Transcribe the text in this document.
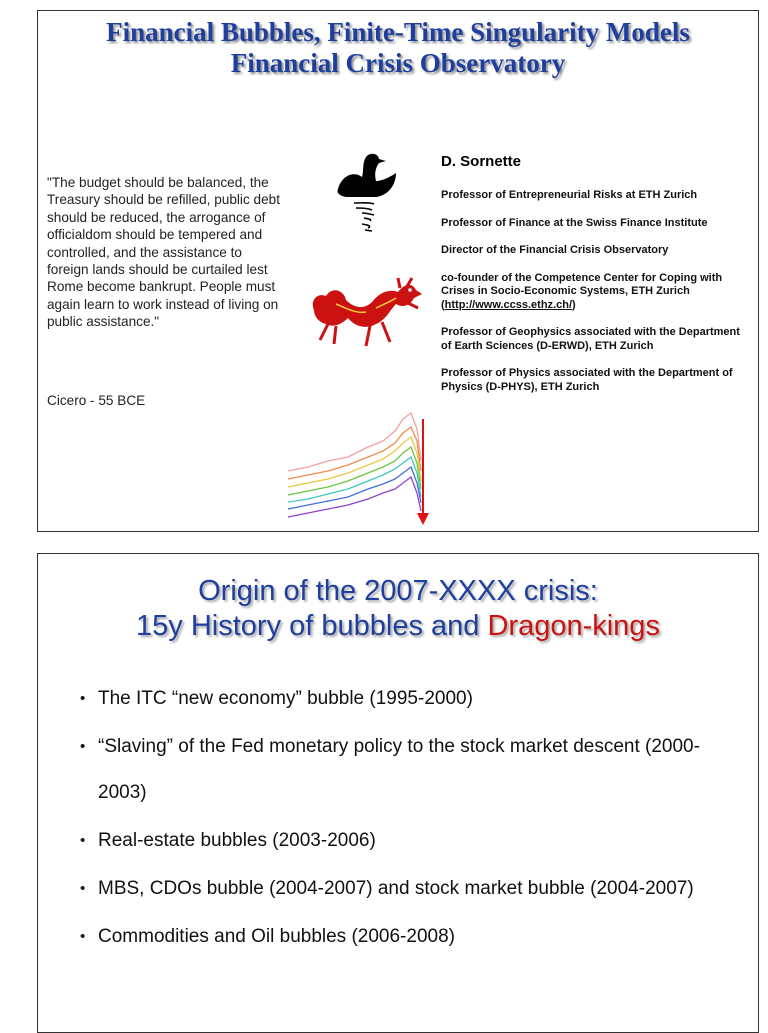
Financial Bubbles, Finite-Time Singularity Models
Financial Crisis Observatory
"The budget should be balanced, the Treasury should be refilled, public debt should be reduced, the arrogance of officialdom should be tempered and controlled, and the assistance to foreign lands should be curtailed lest Rome become bankrupt. People must again learn to work instead of living on public assistance."
Cicero - 55 BCE
D. Sornette
Professor of Entrepreneurial Risks at ETH Zurich
Professor of Finance at the Swiss Finance Institute
Director of the Financial Crisis Observatory
co-founder of the Competence Center for Coping with Crises in Socio-Economic Systems, ETH Zurich (http://www.ccss.ethz.ch/)
Professor of Geophysics associated with the Department of Earth Sciences (D-ERWD), ETH Zurich
Professor of Physics associated with the Department of Physics (D-PHYS), ETH Zurich
Origin of the 2007-XXXX crisis:
15y History of bubbles and Dragon-kings
• The ITC “new economy” bubble (1995-2000)
• “Slaving” of the Fed monetary policy to the stock market descent (2000-2003)
• Real-estate bubbles (2003-2006)
• MBS, CDOs bubble (2004-2007) and stock market bubble (2004-2007)
• Commodities and Oil bubbles (2006-2008)
